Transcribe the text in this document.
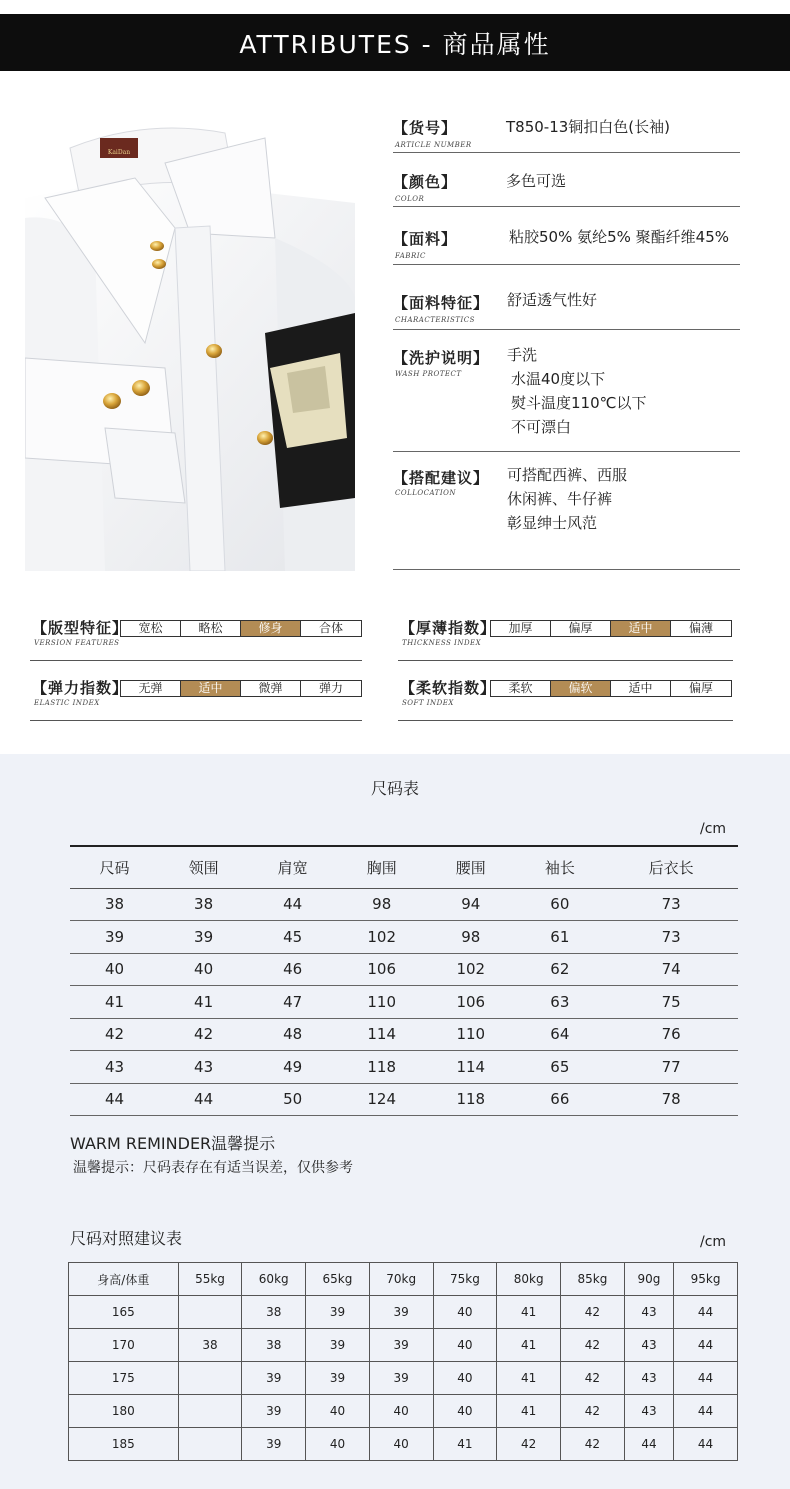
ATTRIBUTES - 商品属性
KaiDan
【货号】
ARTICLE NUMBER
T850-13铜扣白色(长袖)
【颜色】
COLOR
多色可选
【面料】
FABRIC
粘胶50% 氨纶5% 聚酯纤维45%
【面料特征】
CHARACTERISTICS
舒适透气性好
【洗护说明】
WASH PROTECT
手洗
水温40度以下
熨斗温度110℃以下
不可漂白
【搭配建议】
COLLOCATION
可搭配西裤、西服
休闲裤、牛仔裤
彰显绅士风范
【版型特征】
VERSION FEATURES
宽松	略松	修身	合体	【厚薄指数】
THICKNESS INDEX
加厚	偏厚	适中	偏薄
【弹力指数】
ELASTIC INDEX
无弹	适中	微弹	弹力	【柔软指数】
SOFT INDEX
柔软	偏软	适中	偏厚
尺码表
/cm
尺码	领围	肩宽	胸围	腰围	袖长	后衣长
38	38	44	98	94	60	73
39	39	45	102	98	61	73
40	40	46	106	102	62	74
41	41	47	110	106	63	75
42	42	48	114	110	64	76
43	43	49	118	114	65	77
44	44	50	124	118	66	78
WARM REMINDER温馨提示
温馨提示：尺码表存在有适当误差，仅供参考
尺码对照建议表	/cm
身高/体重	55kg	60kg	65kg	70kg	75kg	80kg	85kg	90g	95kg
165		38	39	39	40	41	42	43	44
170	38	38	39	39	40	41	42	43	44
175		39	39	39	40	41	42	43	44
180		39	40	40	40	41	42	43	44
185		39	40	40	41	42	42	44	44
